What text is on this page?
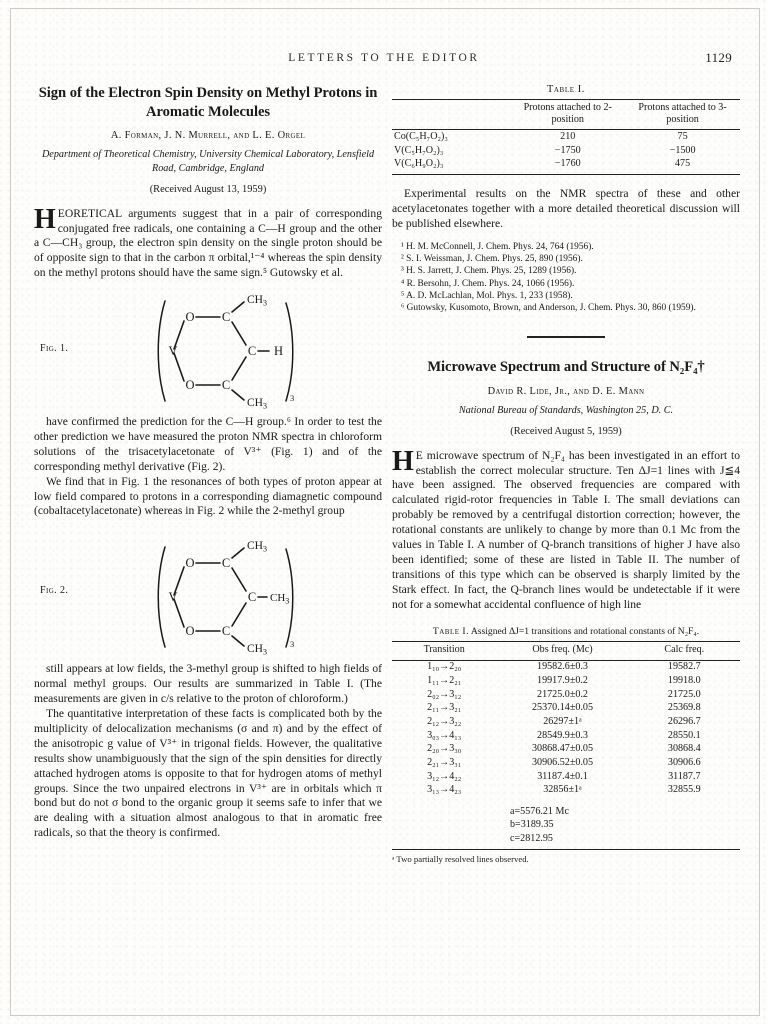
LETTERS TO THE EDITOR	1129
Sign of the Electron Spin Density on Methyl Protons in Aromatic Molecules
A. Forman, J. N. Murrell, and L. E. Orgel
Department of Theoretical Chemistry, University Chemical Laboratory, Lensfield Road, Cambridge, England
(Received August 13, 1959)

HEORETICAL arguments suggest that in a pair of corresponding conjugated free radicals, one containing a C—H group and the other a C—CH₃ group, the electron spin density on the single proton should be of opposite sign to that in the carbon π orbital,¹⁻⁴ whereas the spin density on the methyl protons should have the same sign.⁵ Gutowsky et al.

Fig. 1.	V
O
O
C
C
C
H
$CH_3$
$CH_3$
3

have confirmed the prediction for the C—H group.⁶ In order to test the other prediction we have measured the proton NMR spectra in chloroform solutions of the trisacetylacetonate of V³⁺ (Fig. 1) and of the corresponding methyl derivative (Fig. 2).

We find that in Fig. 1 the resonances of both types of proton appear at low field compared to protons in a corresponding diamagnetic compound (cobaltacetylacetonate) whereas in Fig. 2 while the 2-methyl group

Fig. 2.	V
O
O
C
C
C
$CH_3$
$CH_3$
$CH_3$
3

still appears at low fields, the 3-methyl group is shifted to high fields of normal methyl groups. Our results are summarized in Table I. (The measurements are given in c/s relative to the proton of chloroform.)

The quantitative interpretation of these facts is complicated both by the multiplicity of delocalization mechanisms (σ and π) and by the effect of the anisotropic g value of V³⁺ in trigonal fields. However, the qualitative results show unambiguously that the sign of the spin densities for directly attached hydrogen atoms is opposite to that for hydrogen atoms of methyl groups. Since the two unpaired electrons in V³⁺ are in orbitals which π bond but do not σ bond to the organic group it seems safe to infer that we are dealing with a situation almost analogous to that in aromatic free radicals, so that the theory is confirmed.

Table I.
	Protons attached to 2-position	Protons attached to 3-position
Co(C₅H₇O₂)₃	210	75
V(C₅H₇O₂)₃	−1750	−1500
V(C₆H₉O₂)₃	−1760	475

Experimental results on the NMR spectra of these and other acetylacetonates together with a more detailed theoretical discussion will be published elsewhere.

¹ H. M. McConnell, J. Chem. Phys. 24, 764 (1956).
² S. I. Weissman, J. Chem. Phys. 25, 890 (1956).
³ H. S. Jarrett, J. Chem. Phys. 25, 1289 (1956).
⁴ R. Bersohn, J. Chem. Phys. 24, 1066 (1956).
⁵ A. D. McLachlan, Mol. Phys. 1, 233 (1958).
⁶ Gutowsky, Kusomoto, Brown, and Anderson, J. Chem. Phys. 30, 860 (1959).
Microwave Spectrum and Structure of N₂F₄†
David R. Lide, Jr., and D. E. Mann
National Bureau of Standards, Washington 25, D. C.
(Received August 5, 1959)

HE microwave spectrum of N₂F₄ has been investigated in an effort to establish the correct molecular structure. Ten ΔJ=1 lines with J≦4 have been assigned. The observed frequencies are compared with calculated rigid-rotor frequencies in Table I. The small deviations can probably be removed by a centrifugal distortion correction; however, the rotational constants are unlikely to change by more than 0.1 Mc from the values in Table I. A number of Q-branch transitions of higher J have also been identified; some of these are listed in Table II. The number of transitions of this type which can be observed is sharply limited by the Stark effect. In fact, the Q-branch lines would be undetectable if it were not for a somewhat accidental confluence of high line

Table I. Assigned ΔJ=1 transitions and rotational constants of N₂F₄.
Transition	Obs freq. (Mc)	Calc freq.
1₁₀→2₂₀	19582.6±0.3	19582.7
1₁₁→2₂₁	19917.9±0.2	19918.0
2₀₂→3₁₂	21725.0±0.2	21725.0
2₁₁→3₂₁	25370.14±0.05	25369.8
2₁₂→3₂₂	26297±1ᵃ	26296.7
3₀₃→4₁₃	28549.9±0.3	28550.1
2₂₀→3₃₀	30868.47±0.05	30868.4
2₂₁→3₃₁	30906.52±0.05	30906.6
3₁₂→4₂₂	31187.4±0.1	31187.7
3₁₃→4₂₃	32856±1ᵃ	32855.9
a=5576.21 Mc
b=3189.35
c=2812.95
ᵃ Two partially resolved lines observed.
